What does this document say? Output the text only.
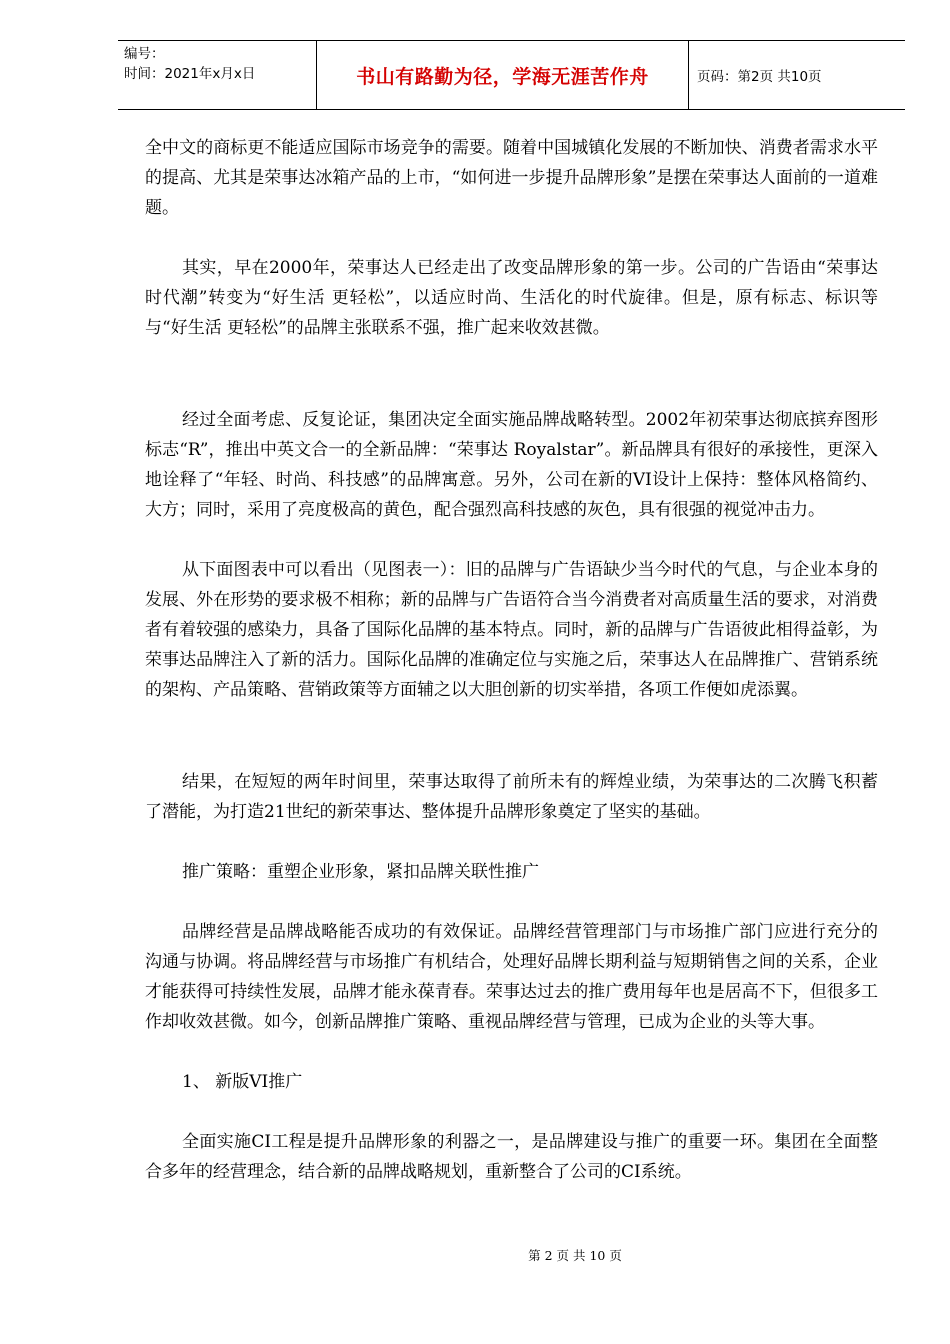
编号：
时间：2021年x月x日	书山有路勤为径，学海无涯苦作舟	页码：第2页 共10页

全中文的商标更不能适应国际市场竞争的需要。随着中国城镇化发展的不断加快、消费者需求水平的提高、尤其是荣事达冰箱产品的上市，“如何进一步提升品牌形象”是摆在荣事达人面前的一道难题。

其实，早在2000年，荣事达人已经走出了改变品牌形象的第一步。公司的广告语由“荣事达 时代潮”转变为“好生活 更轻松”，以适应时尚、生活化的时代旋律。但是，原有标志、标识等与“好生活 更轻松”的品牌主张联系不强，推广起来收效甚微。

经过全面考虑、反复论证，集团决定全面实施品牌战略转型。2002年初荣事达彻底摈弃图形标志“R”，推出中英文合一的全新品牌：“荣事达 Royalstar”。新品牌具有很好的承接性，更深入地诠释了“年轻、时尚、科技感”的品牌寓意。另外，公司在新的VI设计上保持：整体风格简约、大方；同时，采用了亮度极高的黄色，配合强烈高科技感的灰色，具有很强的视觉冲击力。

从下面图表中可以看出（见图表一）：旧的品牌与广告语缺少当今时代的气息，与企业本身的发展、外在形势的要求极不相称；新的品牌与广告语符合当今消费者对高质量生活的要求，对消费者有着较强的感染力，具备了国际化品牌的基本特点。同时，新的品牌与广告语彼此相得益彰，为荣事达品牌注入了新的活力。国际化品牌的准确定位与实施之后，荣事达人在品牌推广、营销系统的架构、产品策略、营销政策等方面辅之以大胆创新的切实举措，各项工作便如虎添翼。

结果，在短短的两年时间里，荣事达取得了前所未有的辉煌业绩，为荣事达的二次腾飞积蓄了潜能，为打造21世纪的新荣事达、整体提升品牌形象奠定了坚实的基础。

推广策略：重塑企业形象，紧扣品牌关联性推广

品牌经营是品牌战略能否成功的有效保证。品牌经营管理部门与市场推广部门应进行充分的沟通与协调。将品牌经营与市场推广有机结合，处理好品牌长期利益与短期销售之间的关系，企业才能获得可持续性发展，品牌才能永葆青春。荣事达过去的推广费用每年也是居高不下，但很多工作却收效甚微。如今，创新品牌推广策略、重视品牌经营与管理，已成为企业的头等大事。

1、 新版VI推广

全面实施CI工程是提升品牌形象的利器之一，是品牌建设与推广的重要一环。集团在全面整合多年的经营理念，结合新的品牌战略规划，重新整合了公司的CI系统。

第 2 页 共 10 页
